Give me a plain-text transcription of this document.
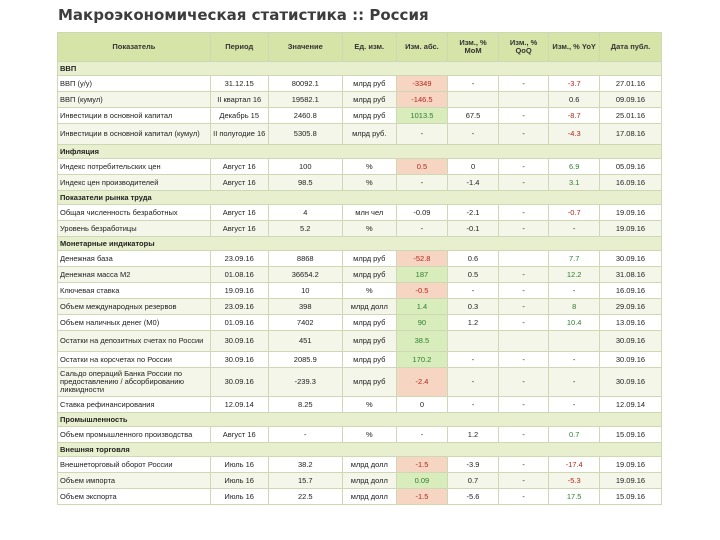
Макроэкономическая статистика :: Россия
Показатель	Период	Значение	Ед. изм.	Изм. абс.	Изм., % MoM	Изм., % QoQ	Изм., % YoY	Дата публ.
ВВП								
ВВП (у/у)	31.12.15	80092.1	млрд руб	-3349	-	-	-3.7	27.01.16
ВВП (кумул)	II квартал 16	19582.1	млрд руб	-146.5			0.6	09.09.16
Инвестиции в основной капитал	Декабрь 15	2460.8	млрд руб	1013.5	67.5	-	-8.7	25.01.16
Инвестиции в основной капитал (кумул)	II полугодие 16	5305.8	млрд руб.	-	-	-	-4.3	17.08.16
Инфляция								
Индекс потребительских цен	Август 16	100	%	0.5	0	-	6.9	05.09.16
Индекс цен производителей	Август 16	98.5	%	-	-1.4	-	3.1	16.09.16
Показатели рынка труда								
Общая численность безработных	Август 16	4	млн чел	-0.09	-2.1	-	-0.7	19.09.16
Уровень безработицы	Август 16	5.2	%	-	-0.1	-	-	19.09.16
Монетарные индикаторы								
Денежная база	23.09.16	8868	млрд руб	-52.8	0.6		7.7	30.09.16
Денежная масса М2	01.08.16	36654.2	млрд руб	187	0.5	-	12.2	31.08.16
Ключевая ставка	19.09.16	10	%	-0.5	-	-	-	16.09.16
Объем международных резервов	23.09.16	398	млрд долл	1.4	0.3	-	8	29.09.16
Объем наличных денег (М0)	01.09.16	7402	млрд руб	90	1.2	-	10.4	13.09.16
Остатки на депозитных счетах по России	30.09.16	451	млрд руб	38.5				30.09.16
Остатки на корсчетах по России	30.09.16	2085.9	млрд руб	170.2	-	-	-	30.09.16
Сальдо операций Банка России по предоставлению / абсорбированию ликвидности	30.09.16	-239.3	млрд руб	-2.4	-	-	-	30.09.16
Ставка рефинансирования	12.09.14	8.25	%	0	-	-	-	12.09.14
Промышленность								
Объем промышленного производства	Август 16	-	%	-	1.2	-	0.7	15.09.16
Внешняя торговля								
Внешнеторговый оборот России	Июль 16	38.2	млрд долл	-1.5	-3.9	-	-17.4	19.09.16
Объем импорта	Июль 16	15.7	млрд долл	0.09	0.7	-	-5.3	19.09.16
Объем экспорта	Июль 16	22.5	млрд долл	-1.5	-5.6	-	17.5	15.09.16
